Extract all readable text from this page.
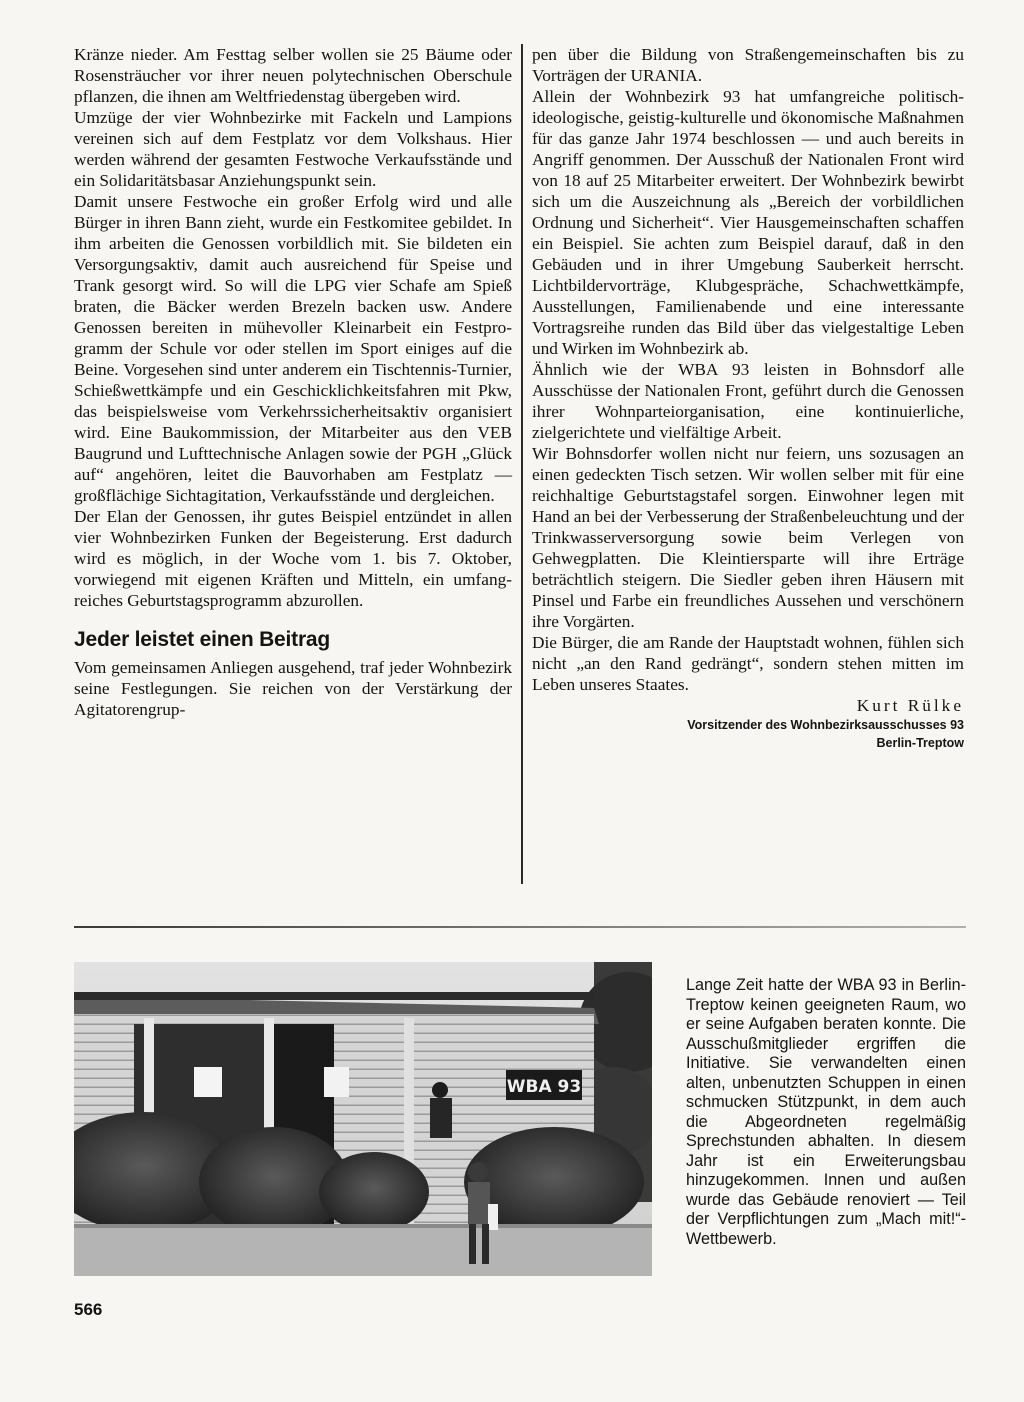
Kränze nieder. Am Festtag selber wollen sie 25 Bäume oder Rosensträucher vor ihrer neuen polytechnischen Oberschule pflanzen, die ihnen am Weltfriedenstag übergeben wird.

Umzüge der vier Wohnbezirke mit Fackeln und Lampions vereinen sich auf dem Festplatz vor dem Volkshaus. Hier werden während der gesamten Festwoche Verkaufsstände und ein Solidaritätsbasar Anziehungspunkt sein.

Damit unsere Festwoche ein großer Erfolg wird und alle Bürger in ihren Bann zieht, wurde ein Festkomitee gebildet. In ihm arbeiten die Genossen vorbildlich mit. Sie bildeten ein Versorgungsaktiv, damit auch ausreichend für Speise und Trank gesorgt wird. So will die LPG vier Schafe am Spieß braten, die Bäcker werden Brezeln backen usw. Andere Genossen bereiten in mühevoller Kleinarbeit ein Festprogramm der Schule vor oder stellen im Sport einiges auf die Beine. Vorgesehen sind unter anderem ein Tischtennis-Turnier, Schießwettkämpfe und ein Geschicklichkeitsfahren mit Pkw, das beispielsweise vom Verkehrssicherheitsaktiv organisiert wird. Eine Baukommission, der Mitarbeiter aus den VEB Baugrund und Lufttechnische Anlagen sowie der PGH „Glück auf“ angehören, leitet die Bauvorhaben am Festplatz — großflächige Sichtagitation, Verkaufsstände und dergleichen.

Der Elan der Genossen, ihr gutes Beispiel entzündet in allen vier Wohnbezirken Funken der Begeisterung. Erst dadurch wird es möglich, in der Woche vom 1. bis 7. Oktober, vorwiegend mit eigenen Kräften und Mitteln, ein umfangreiches Geburtstagsprogramm abzurollen.

Jeder leistet einen Beitrag

Vom gemeinsamen Anliegen ausgehend, traf jeder Wohnbezirk seine Festlegungen. Sie reichen von der Verstärkung der Agitatorengrup-

pen über die Bildung von Straßengemeinschaften bis zu Vorträgen der URANIA.

Allein der Wohnbezirk 93 hat umfangreiche politisch-ideologische, geistig-kulturelle und ökonomische Maßnahmen für das ganze Jahr 1974 beschlossen — und auch bereits in Angriff genommen. Der Ausschuß der Nationalen Front wird von 18 auf 25 Mitarbeiter erweitert. Der Wohnbezirk bewirbt sich um die Auszeichnung als „Bereich der vorbildlichen Ordnung und Sicherheit“. Vier Hausgemeinschaften schaffen ein Beispiel. Sie achten zum Beispiel darauf, daß in den Gebäuden und in ihrer Umgebung Sauberkeit herrscht. Lichtbildervorträge, Klubgespräche, Schachwettkämpfe, Ausstellungen, Familienabende und eine interessante Vortragsreihe runden das Bild über das vielgestaltige Leben und Wirken im Wohnbezirk ab.

Ähnlich wie der WBA 93 leisten in Bohnsdorf alle Ausschüsse der Nationalen Front, geführt durch die Genossen ihrer Wohnparteiorganisation, eine kontinuierliche, zielgerichtete und vielfältige Arbeit.

Wir Bohnsdorfer wollen nicht nur feiern, uns sozusagen an einen gedeckten Tisch setzen. Wir wollen selber mit für eine reichhaltige Geburtstagstafel sorgen. Einwohner legen mit Hand an bei der Verbesserung der Straßenbeleuchtung und der Trinkwasserversorgung sowie beim Verlegen von Gehwegplatten. Die Kleintiersparte will ihre Erträge beträchtlich steigern. Die Siedler geben ihren Häusern mit Pinsel und Farbe ein freundliches Aussehen und verschönern ihre Vorgärten.

Die Bürger, die am Rande der Hauptstadt wohnen, fühlen sich nicht „an den Rand gedrängt“, sondern stehen mitten im Leben unseres Staates.

Kurt Rülke

Vorsitzender des Wohnbezirksausschusses 93

Berlin-Treptow

WBA 93
Lange Zeit hatte der WBA 93 in Berlin-Treptow keinen geeigneten Raum, wo er seine Aufgaben beraten konnte. Die Ausschußmitglieder ergriffen die Initiative. Sie verwandelten einen alten, unbenutzten Schuppen in einen schmucken Stützpunkt, in dem auch die Abgeordneten regelmäßig Sprechstunden abhalten. In diesem Jahr ist ein Erweiterungsbau hinzugekommen. Innen und außen wurde das Gebäude renoviert — Teil der Verpflichtungen zum „Mach mit!“-Wettbewerb.
566
